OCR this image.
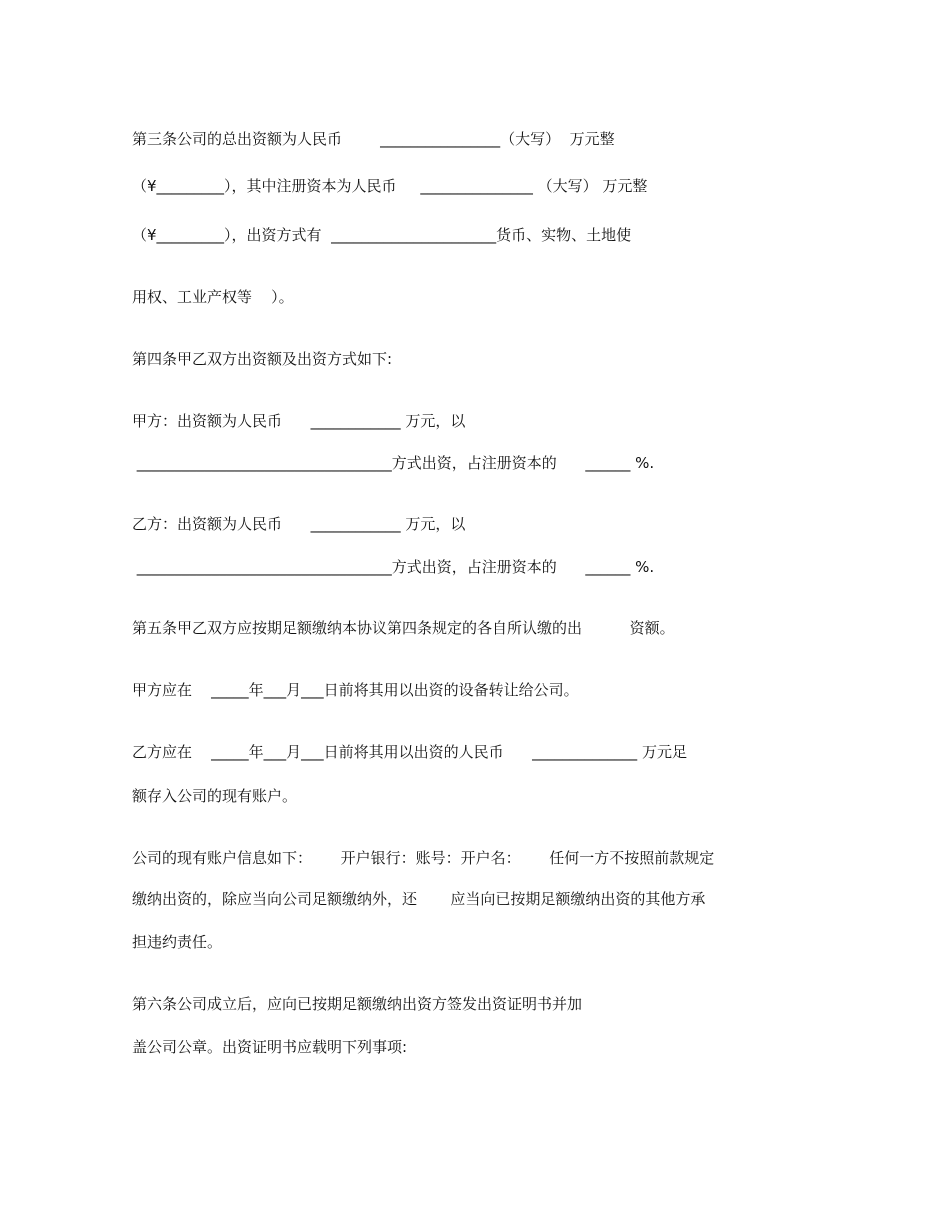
第三条公司的总出资额为人民币        ________________（大写）  万元整
（¥_________），其中注册资本为人民币     _______________ （大写） 万元整
（¥_________），出资方式有  ______________________货币、实物、土地使
用权、工业产权等    ）。
第四条甲乙双方出资额及出资方式如下:
甲方：出资额为人民币      ____________ 万元，以
__________________________________方式出资，占注册资本的      ______ %.
乙方：出资额为人民币      ____________ 万元，以
__________________________________方式出资，占注册资本的      ______ %.
第五条甲乙双方应按期足额缴纳本协议第四条规定的各自所认缴的出          资额。
甲方应在    _____年___月___日前将其用以出资的设备转让给公司。
乙方应在    _____年___月___日前将其用以出资的人民币      ______________ 万元足
额存入公司的现有账户。
公司的现有账户信息如下：      开户银行：账号：开户名：      任何一方不按照前款规定
缴纳出资的，除应当向公司足额缴纳外，还       应当向已按期足额缴纳出资的其他方承
担违约责任。
第六条公司成立后，应向已按期足额缴纳出资方签发出资证明书并加
盖公司公章。出资证明书应载明下列事项:
